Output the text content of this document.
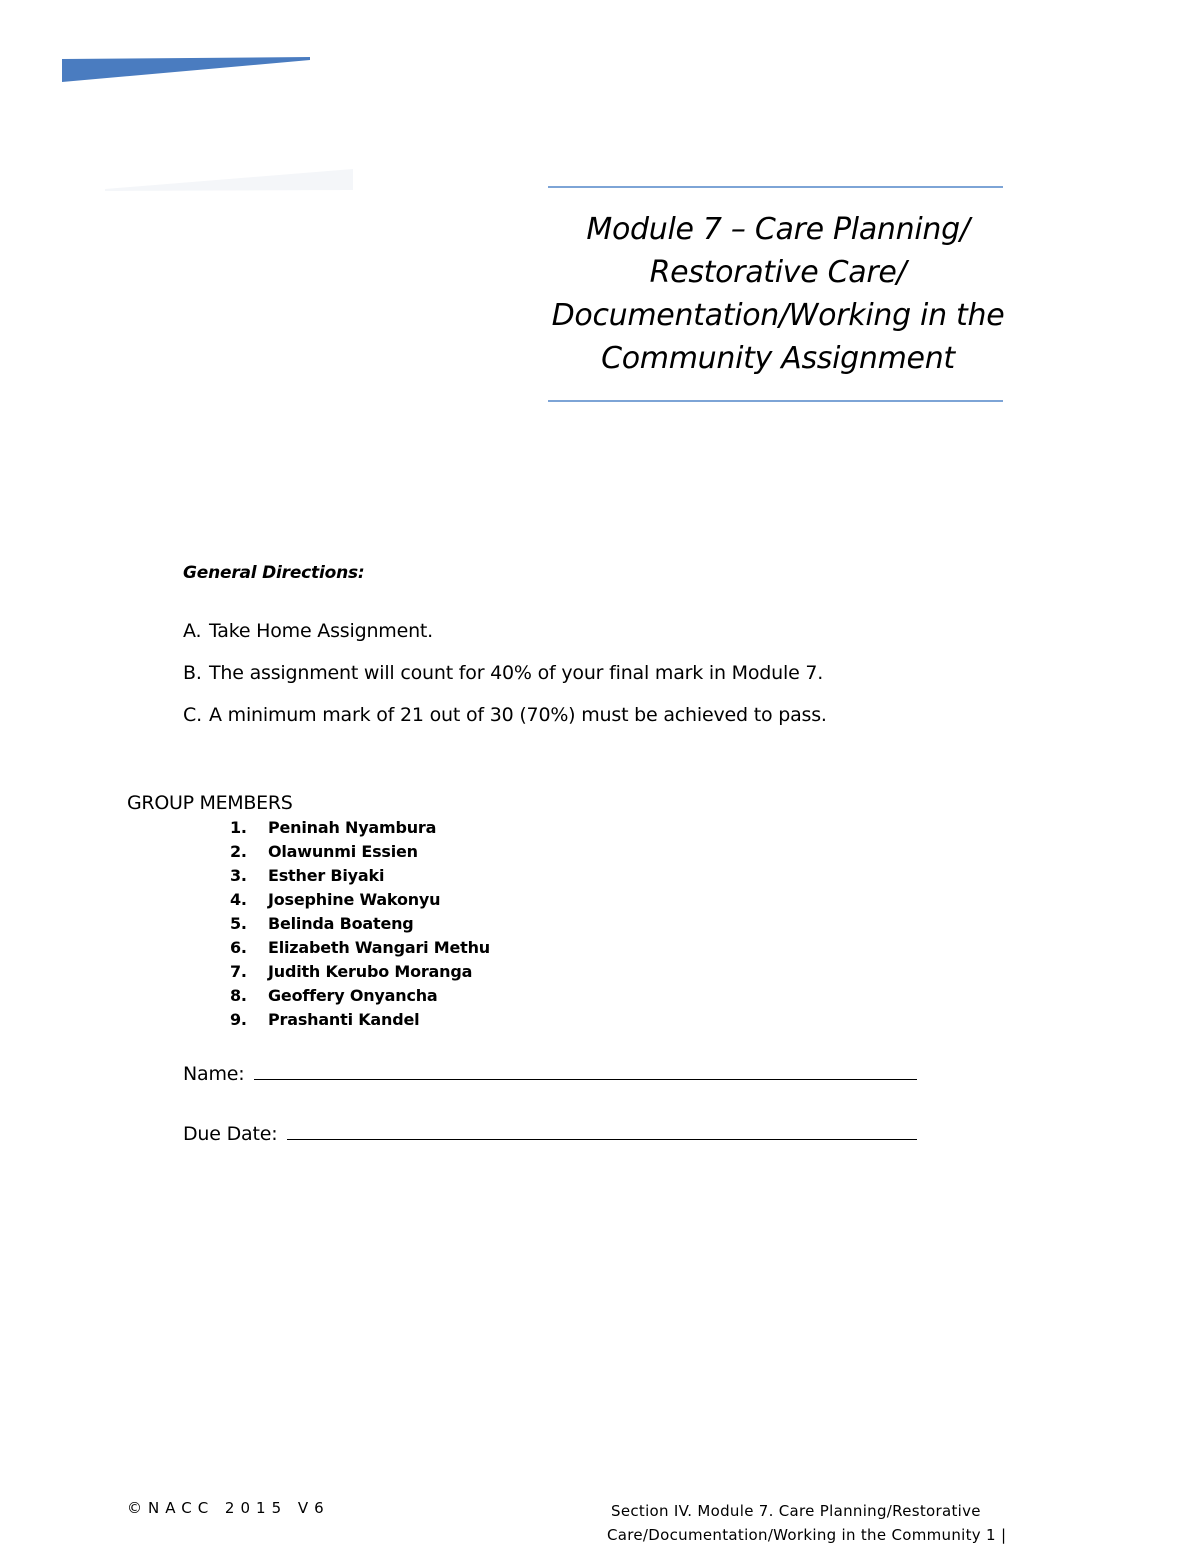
Module 7 – Care Planning/
Restorative Care/
Documentation/Working in the
Community Assignment
General Directions:
A. Take Home Assignment.
B. The assignment will count for 40% of your final mark in Module 7.
C. A minimum mark of 21 out of 30 (70%) must be achieved to pass.
GROUP MEMBERS
1. Peninah Nyambura
2. Olawunmi Essien
3. Esther Biyaki
4. Josephine Wakonyu
5. Belinda Boateng
6. Elizabeth Wangari Methu
7. Judith Kerubo Moranga
8. Geoffery Onyancha
9. Prashanti Kandel
Name:
Due Date:
©NACC 2015 V6	Section IV. Module 7. Care Planning/Restorative
Care/Documentation/Working in the Community 1 |
